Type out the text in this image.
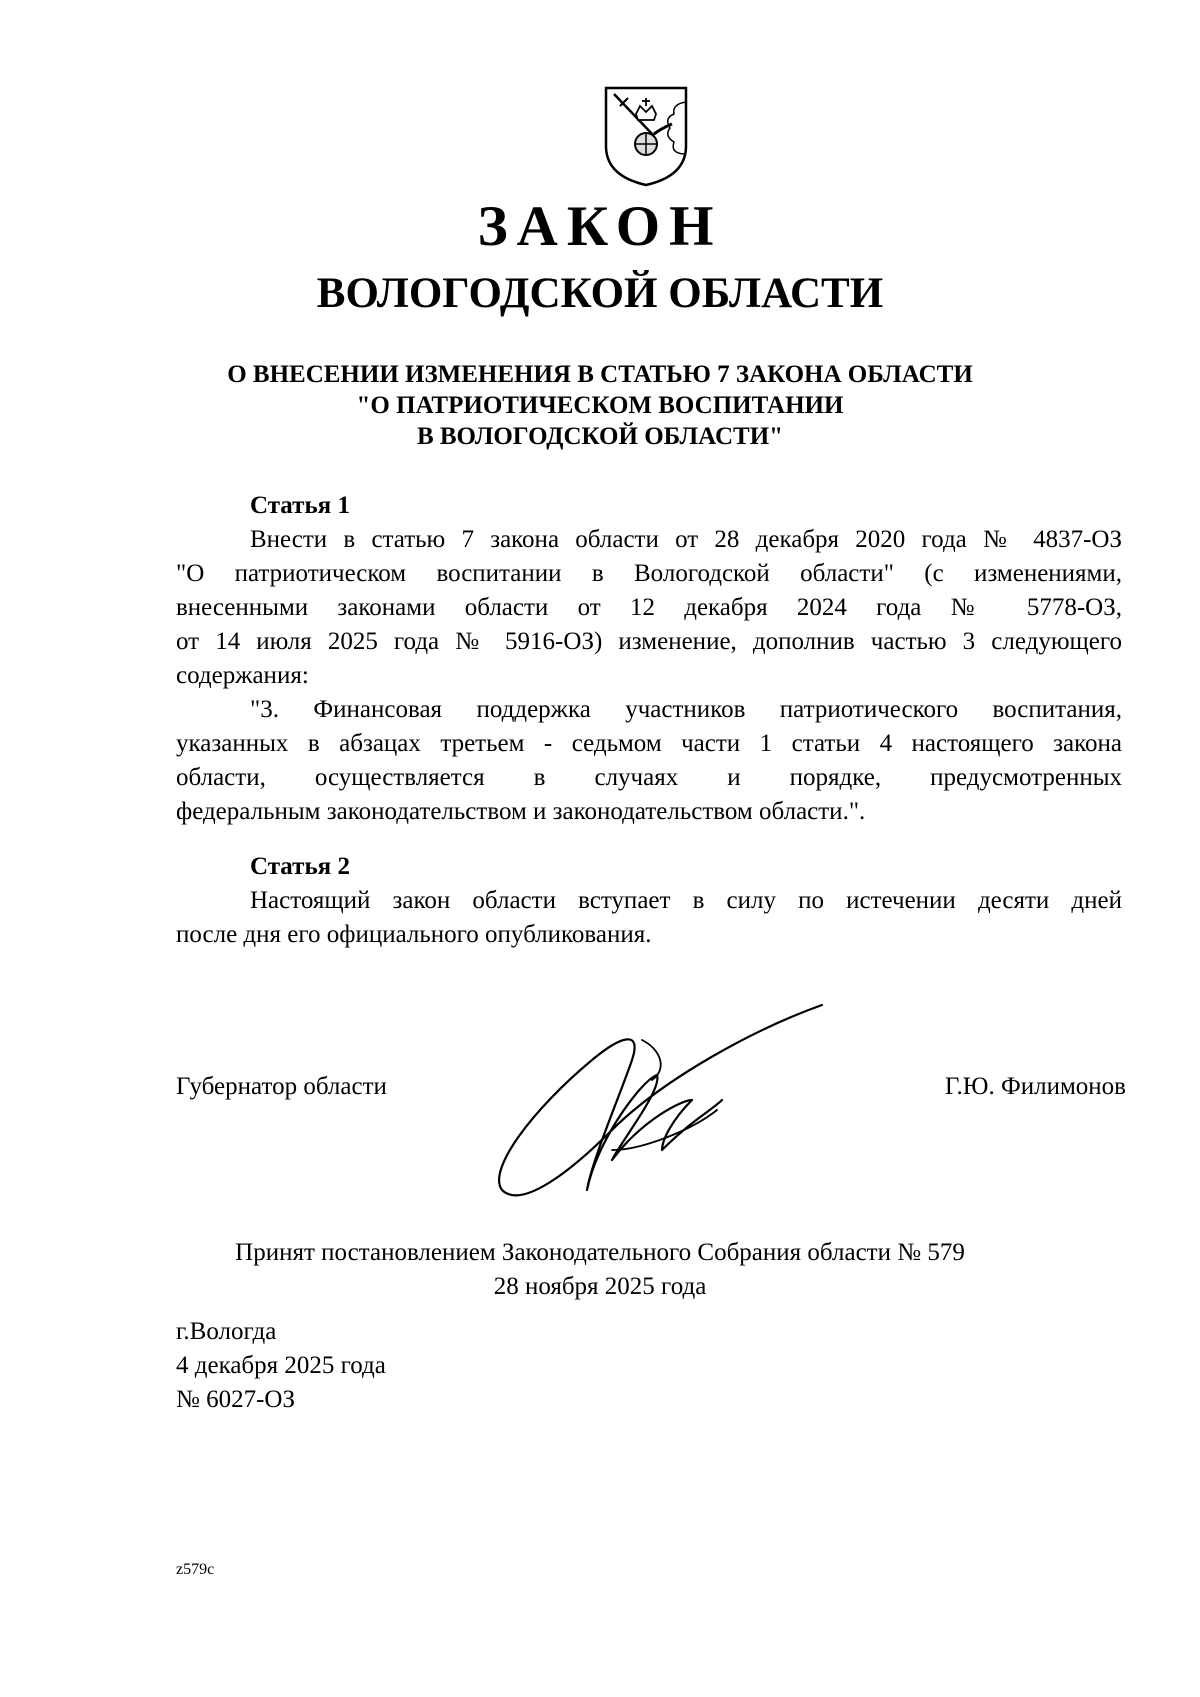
ЗАКОН
ВОЛОГОДСКОЙ ОБЛАСТИ
О ВНЕСЕНИИ ИЗМЕНЕНИЯ В СТАТЬЮ 7 ЗАКОНА ОБЛАСТИ
"О ПАТРИОТИЧЕСКОМ ВОСПИТАНИИ
В ВОЛОГОДСКОЙ ОБЛАСТИ"
Статья 1
Внести в статью 7 закона области от 28 декабря 2020 года № 4837-ОЗ
"О патриотическом воспитании в Вологодской области" (с изменениями,
внесенными законами области от 12 декабря 2024 года № 5778-ОЗ,
от 14 июля 2025 года № 5916-ОЗ) изменение, дополнив частью 3 следующего
содержания:
"3. Финансовая поддержка участников патриотического воспитания,
указанных в абзацах третьем - седьмом части 1 статьи 4 настоящего закона
области, осуществляется в случаях и порядке, предусмотренных
федеральным законодательством и законодательством области.".
Статья 2
Настоящий закон области вступает в силу по истечении десяти дней
после дня его официального опубликования.
Губернатор области	Г.Ю. Филимонов
Принят постановлением Законодательного Собрания области № 579
28 ноября 2025 года
г.Вологда
4 декабря 2025 года
№ 6027-ОЗ
z579c
